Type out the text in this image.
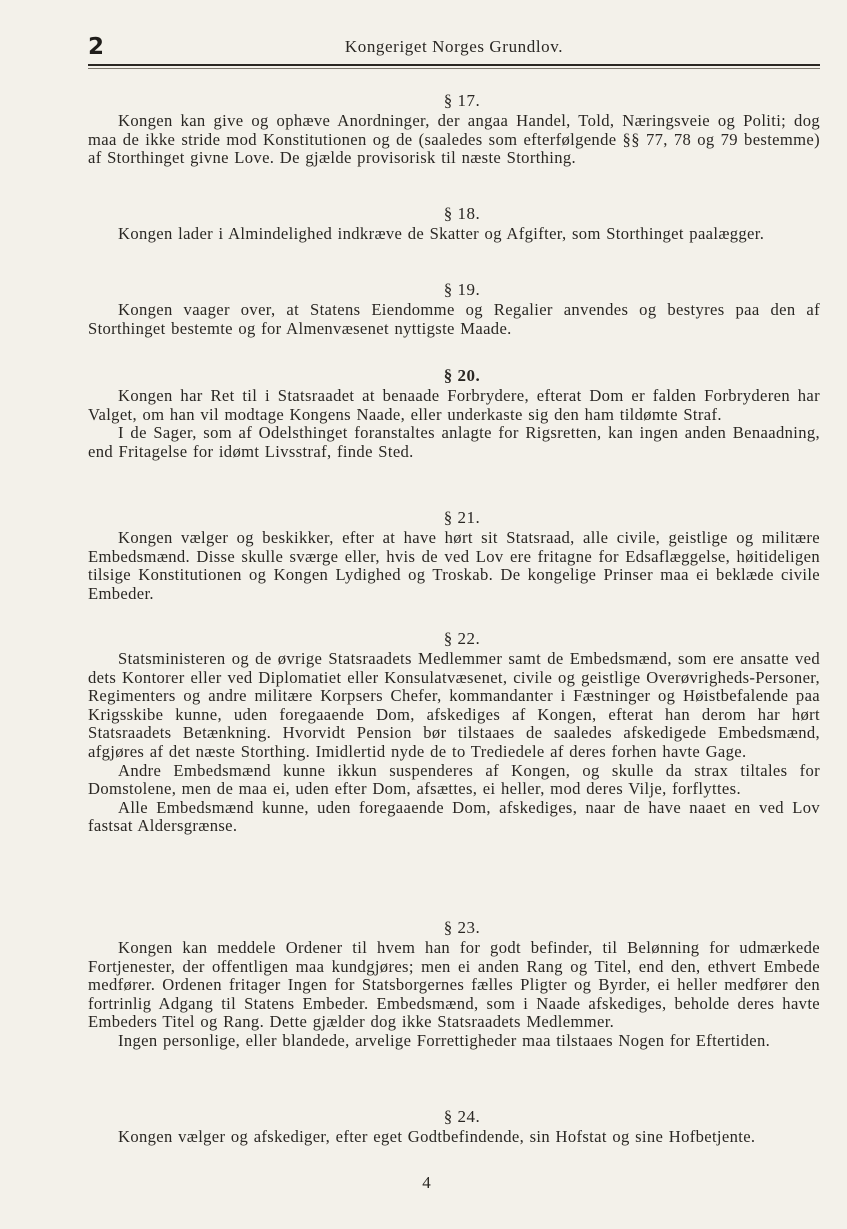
2	Kongeriget Norges Grundlov.
§ 17.
Kongen kan give og ophæve Anordninger, der angaa Handel, Told, Næringsveie og Politi; dog maa de ikke stride mod Konstitutionen og de (saaledes som efterfølgende §§ 77, 78 og 79 bestemme) af Storthinget givne Love. De gjælde provisorisk til næste Storthing.
§ 18.
Kongen lader i Almindelighed indkræve de Skatter og Afgifter, som Storthinget paalægger.
§ 19.
Kongen vaager over, at Statens Eiendomme og Regalier anvendes og bestyres paa den af Storthinget bestemte og for Almenvæsenet nyttigste Maade.
§ 20.
Kongen har Ret til i Statsraadet at benaade Forbrydere, efterat Dom er falden Forbryderen har Valget, om han vil modtage Kongens Naade, eller underkaste sig den ham tildømte Straf.
I de Sager, som af Odelsthinget foranstaltes anlagte for Rigsretten, kan ingen anden Benaadning, end Fritagelse for idømt Livsstraf, finde Sted.
§ 21.
Kongen vælger og beskikker, efter at have hørt sit Statsraad, alle civile, geistlige og militære Embedsmænd. Disse skulle sværge eller, hvis de ved Lov ere fritagne for Edsaflæggelse, høitideligen tilsige Konstitutionen og Kongen Lydighed og Troskab. De kongelige Prinser maa ei beklæde civile Embeder.
§ 22.
Statsministeren og de øvrige Statsraadets Medlemmer samt de Embedsmænd, som ere ansatte ved dets Kontorer eller ved Diplomatiet eller Konsulatvæsenet, civile og geistlige Overøvrigheds-Personer, Regimenters og andre militære Korpsers Chefer, kommandanter i Fæstninger og Høistbefalende paa Krigsskibe kunne, uden foregaaende Dom, afskediges af Kongen, efterat han derom har hørt Statsraadets Betænkning. Hvorvidt Pension bør tilstaaes de saaledes afskedigede Embedsmænd, afgjøres af det næste Storthing. Imidlertid nyde de to Trediedele af deres forhen havte Gage.
Andre Embedsmænd kunne ikkun suspenderes af Kongen, og skulle da strax tiltales for Domstolene, men de maa ei, uden efter Dom, afsættes, ei heller, mod deres Vilje, forflyttes.
Alle Embedsmænd kunne, uden foregaaende Dom, afskediges, naar de have naaet en ved Lov fastsat Aldersgrænse.
§ 23.
Kongen kan meddele Ordener til hvem han for godt befinder, til Belønning for udmærkede Fortjenester, der offentligen maa kundgjøres; men ei anden Rang og Titel, end den, ethvert Embede medfører. Ordenen fritager Ingen for Statsborgernes fælles Pligter og Byrder, ei heller medfører den fortrinlig Adgang til Statens Embeder. Embedsmænd, som i Naade afskediges, beholde deres havte Embeders Titel og Rang. Dette gjælder dog ikke Statsraadets Medlemmer.
Ingen personlige, eller blandede, arvelige Forrettigheder maa tilstaaes Nogen for Eftertiden.
§ 24.
Kongen vælger og afskediger, efter eget Godtbefindende, sin Hofstat og sine Hofbetjente.
4
